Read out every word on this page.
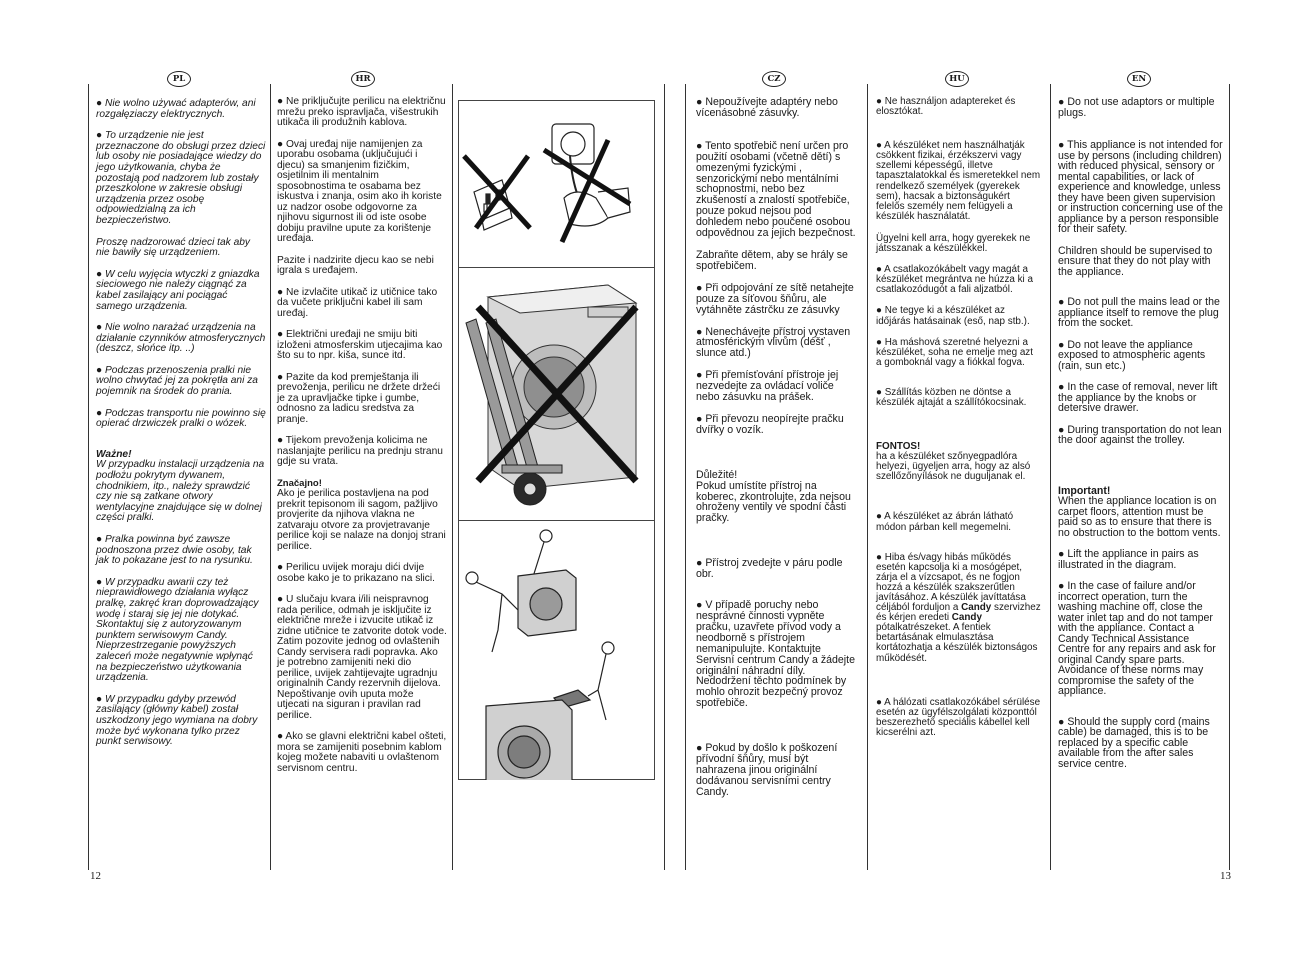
PL	HR	CZ	HU	EN

● Nie wolno używać adapterów, ani rozgałęziaczy elektrycznych.

● To urządzenie nie jest przeznaczone do obsługi przez dzieci lub osoby nie posiadające wiedzy do jego użytkowania, chyba że pozostają pod nadzorem lub zostały przeszkolone w zakresie obsługi urządzenia przez osobę odpowiedzialną za ich bezpieczeństwo.

Proszę nadzorować dzieci tak aby nie bawiły się urządzeniem.

● W celu wyjęcia wtyczki z gniazdka sieciowego nie należy ciągnąć za kabel zasilający ani pociągać samego urządzenia.

● Nie wolno narażać urządzenia na działanie czynników atmosferycznych (deszcz, słońce itp. ..)

● Podczas przenoszenia pralki nie wolno chwytać jej za pokrętła ani za pojemnik na środek do prania.

● Podczas transportu nie powinno się opierać drzwiczek pralki o wózek.

Ważne!

W przypadku instalacji urządzenia na podłożu pokrytym dywanem, chodnikiem, itp., należy sprawdzić czy nie są zatkane otwory wentylacyjne znajdujące się w dolnej części pralki.

● Pralka powinna być zawsze podnoszona przez dwie osoby, tak jak to pokazane jest to na rysunku.

● W przypadku awarii czy też nieprawidłowego działania wyłącz pralkę, zakręć kran doprowadzający wodę i staraj się jej nie dotykać. Skontaktuj się z autoryzowanym punktem serwisowym Candy. Nieprzestrzeganie powyższych zaleceń może negatywnie wpłynąć na bezpieczeństwo użytkowania urządzenia.

● W przypadku gdyby przewód zasilający (główny kabel) został uszkodzony jego wymiana na dobry może być wykonana tylko przez punkt serwisowy.

● Ne priključujte perilicu na električnu mrežu preko ispravljača, višestrukih utikača ili produžnih kablova.

● Ovaj uređaj nije namijenjen za uporabu osobama (uključujući i djecu) sa smanjenim fizičkim, osjetilnim ili mentalnim sposobnostima te osabama bez iskustva i znanja, osim ako ih koriste uz nadzor osobe odgovorne za njihovu sigurnost ili od iste osobe dobiju pravilne upute za korištenje uređaja.

Pazite i nadzirite djecu kao se nebi igrala s uređajem.

● Ne izvlačite utikač iz utičnice tako da vučete priključni kabel ili sam uređaj.

● Električni uređaji ne smiju biti izloženi atmosferskim utjecajima kao što su to npr. kiša, sunce itd.

● Pazite da kod premještanja ili prevoženja, perilicu ne držete držeći je za upravljačke tipke i gumbe, odnosno za ladicu sredstva za pranje.

● Tijekom prevoženja kolicima ne naslanjajte perilicu na prednju stranu gdje su vrata.

Značajno!

Ako je perilica postavljena na pod prekrit tepisonom ili sagom, pažljivo provjerite da njihova vlakna ne zatvaraju otvore za provjetravanje perilice koji se nalaze na donjoj strani perilice.

● Perilicu uvijek moraju dići dvije osobe kako je to prikazano na slici.

● U slučaju kvara i/ili neispravnog rada perilice, odmah je isključite iz električne mreže i izvucite utikač iz zidne utičnice te zatvorite dotok vode. Zatim pozovite jednog od ovlaštenih Candy servisera radi popravka. Ako je potrebno zamijeniti neki dio perilice, uvijek zahtijevajte ugradnju originalnih Candy rezervnih dijelova. Nepoštivanje ovih uputa može utjecati na siguran i pravilan rad perilice.

● Ako se glavni električni kabel ošteti, mora se zamijeniti posebnim kablom kojeg možete nabaviti u ovlaštenom servisnom centru.

● Nepoužívejte adaptéry nebo vícenásobné zásuvky.

● Tento spotřebič není určen pro použití osobami (včetně dětí) s omezenými fyzickými , senzorickými nebo mentálními schopnostmi, nebo bez zkušeností a znalostí spotřebiče, pouze pokud nejsou pod dohledem nebo poučené osobou odpovědnou za jejich bezpečnost.

Zabraňte dětem, aby se hrály se spotřebičem.

● Při odpojování ze sítě netahejte pouze za síťovou šňůru, ale vytáhněte zástrčku ze zásuvky

● Nenechávejte přístroj vystaven atmosférickým vlivům (déšť , slunce atd.)

● Při přemísťování přístroje jej nezvedejte za ovládací voliče nebo zásuvku na prášek.

● Při převozu neopírejte pračku dvířky o vozík.

Důležité!

Pokud umístíte přístroj na koberec, zkontrolujte, zda nejsou ohroženy ventily ve spodní části pračky.

● Přístroj zvedejte v páru podle obr.

● V případě poruchy nebo nesprávné činnosti vypněte pračku, uzavřete přívod vody a neodborně s přístrojem nemanipulujte. Kontaktujte Servisní centrum Candy a žádejte originální náhradní díly. Nedodržení těchto podmínek by mohlo ohrozit bezpečný provoz spotřebiče.

● Pokud by došlo k poškození přívodní šňůry, musí být nahrazena jinou originální dodávanou servisními centry Candy.

● Ne használjon adaptereket és elosztókat.

● A készüléket nem használhatják csökkent fizikai, érzékszervi vagy szellemi képességű, illetve tapasztalatokkal és ismeretekkel nem rendelkező személyek (gyerekek sem), hacsak a biztonságukért felelős személy nem felügyeli a készülék használatát.

Ügyelni kell arra, hogy gyerekek ne játsszanak a készülékkel.

● A csatlakozókábelt vagy magát a készüléket megrántva ne húzza ki a csatlakozódugót a fali aljzatból.

● Ne tegye ki a készüléket az időjárás hatásainak (eső, nap stb.).

● Ha máshová szeretné helyezni a készüléket, soha ne emelje meg azt a gomboknál vagy a fiókkal fogva.

● Szállítás közben ne döntse a készülék ajtaját a szállítókocsinak.

FONTOS!

ha a készüléket szőnyegpadlóra helyezi, ügyeljen arra, hogy az alsó szellőzőnyílások ne duguljanak el.

● A készüléket az ábrán látható módon párban kell megemelni.

● Hiba és/vagy hibás működés esetén kapcsolja ki a mosógépet, zárja el a vízcsapot, és ne fogjon hozzá a készülék szakszerűtlen javításához. A készülék javíttatása céljából forduljon a Candy szervizhez és kérjen eredeti Candy pótalkatrészeket. A fentiek betartásának elmulasztása kortátozhatja a készülék biztonságos működését.

● A hálózati csatlakozókábel sérülése esetén az ügyfélszolgálati központtól beszerezhető speciális kábellel kell kicserélni azt.

● Do not use adaptors or multiple plugs.

● This appliance is not intended for use by persons (including children) with reduced physical, sensory or mental capabilities, or lack of experience and knowledge, unless they have been given supervision or instruction concerning use of the appliance by a person responsible for their safety.

Children should be supervised to ensure that they do not play with the appliance.

● Do not pull the mains lead or the appliance itself to remove the plug from the socket.

● Do not leave the appliance exposed to atmospheric agents (rain, sun etc.)

● In the case of removal, never lift the appliance by the knobs or detersive drawer.

● During transportation do not lean the door against the trolley.

Important!

When the appliance location is on carpet floors, attention must be paid so as to ensure that there is no obstruction to the bottom vents.

● Lift the appliance in pairs as illustrated in the diagram.

● In the case of failure and/or incorrect operation, turn the washing machine off, close the water inlet tap and do not tamper with the appliance. Contact a Candy Technical Assistance Centre for any repairs and ask for original Candy spare parts. Avoidance of these norms may compromise the safety of the appliance.

● Should the supply cord (mains cable) be damaged, this is to be replaced by a specific cable available from the after sales service centre.

12	13
